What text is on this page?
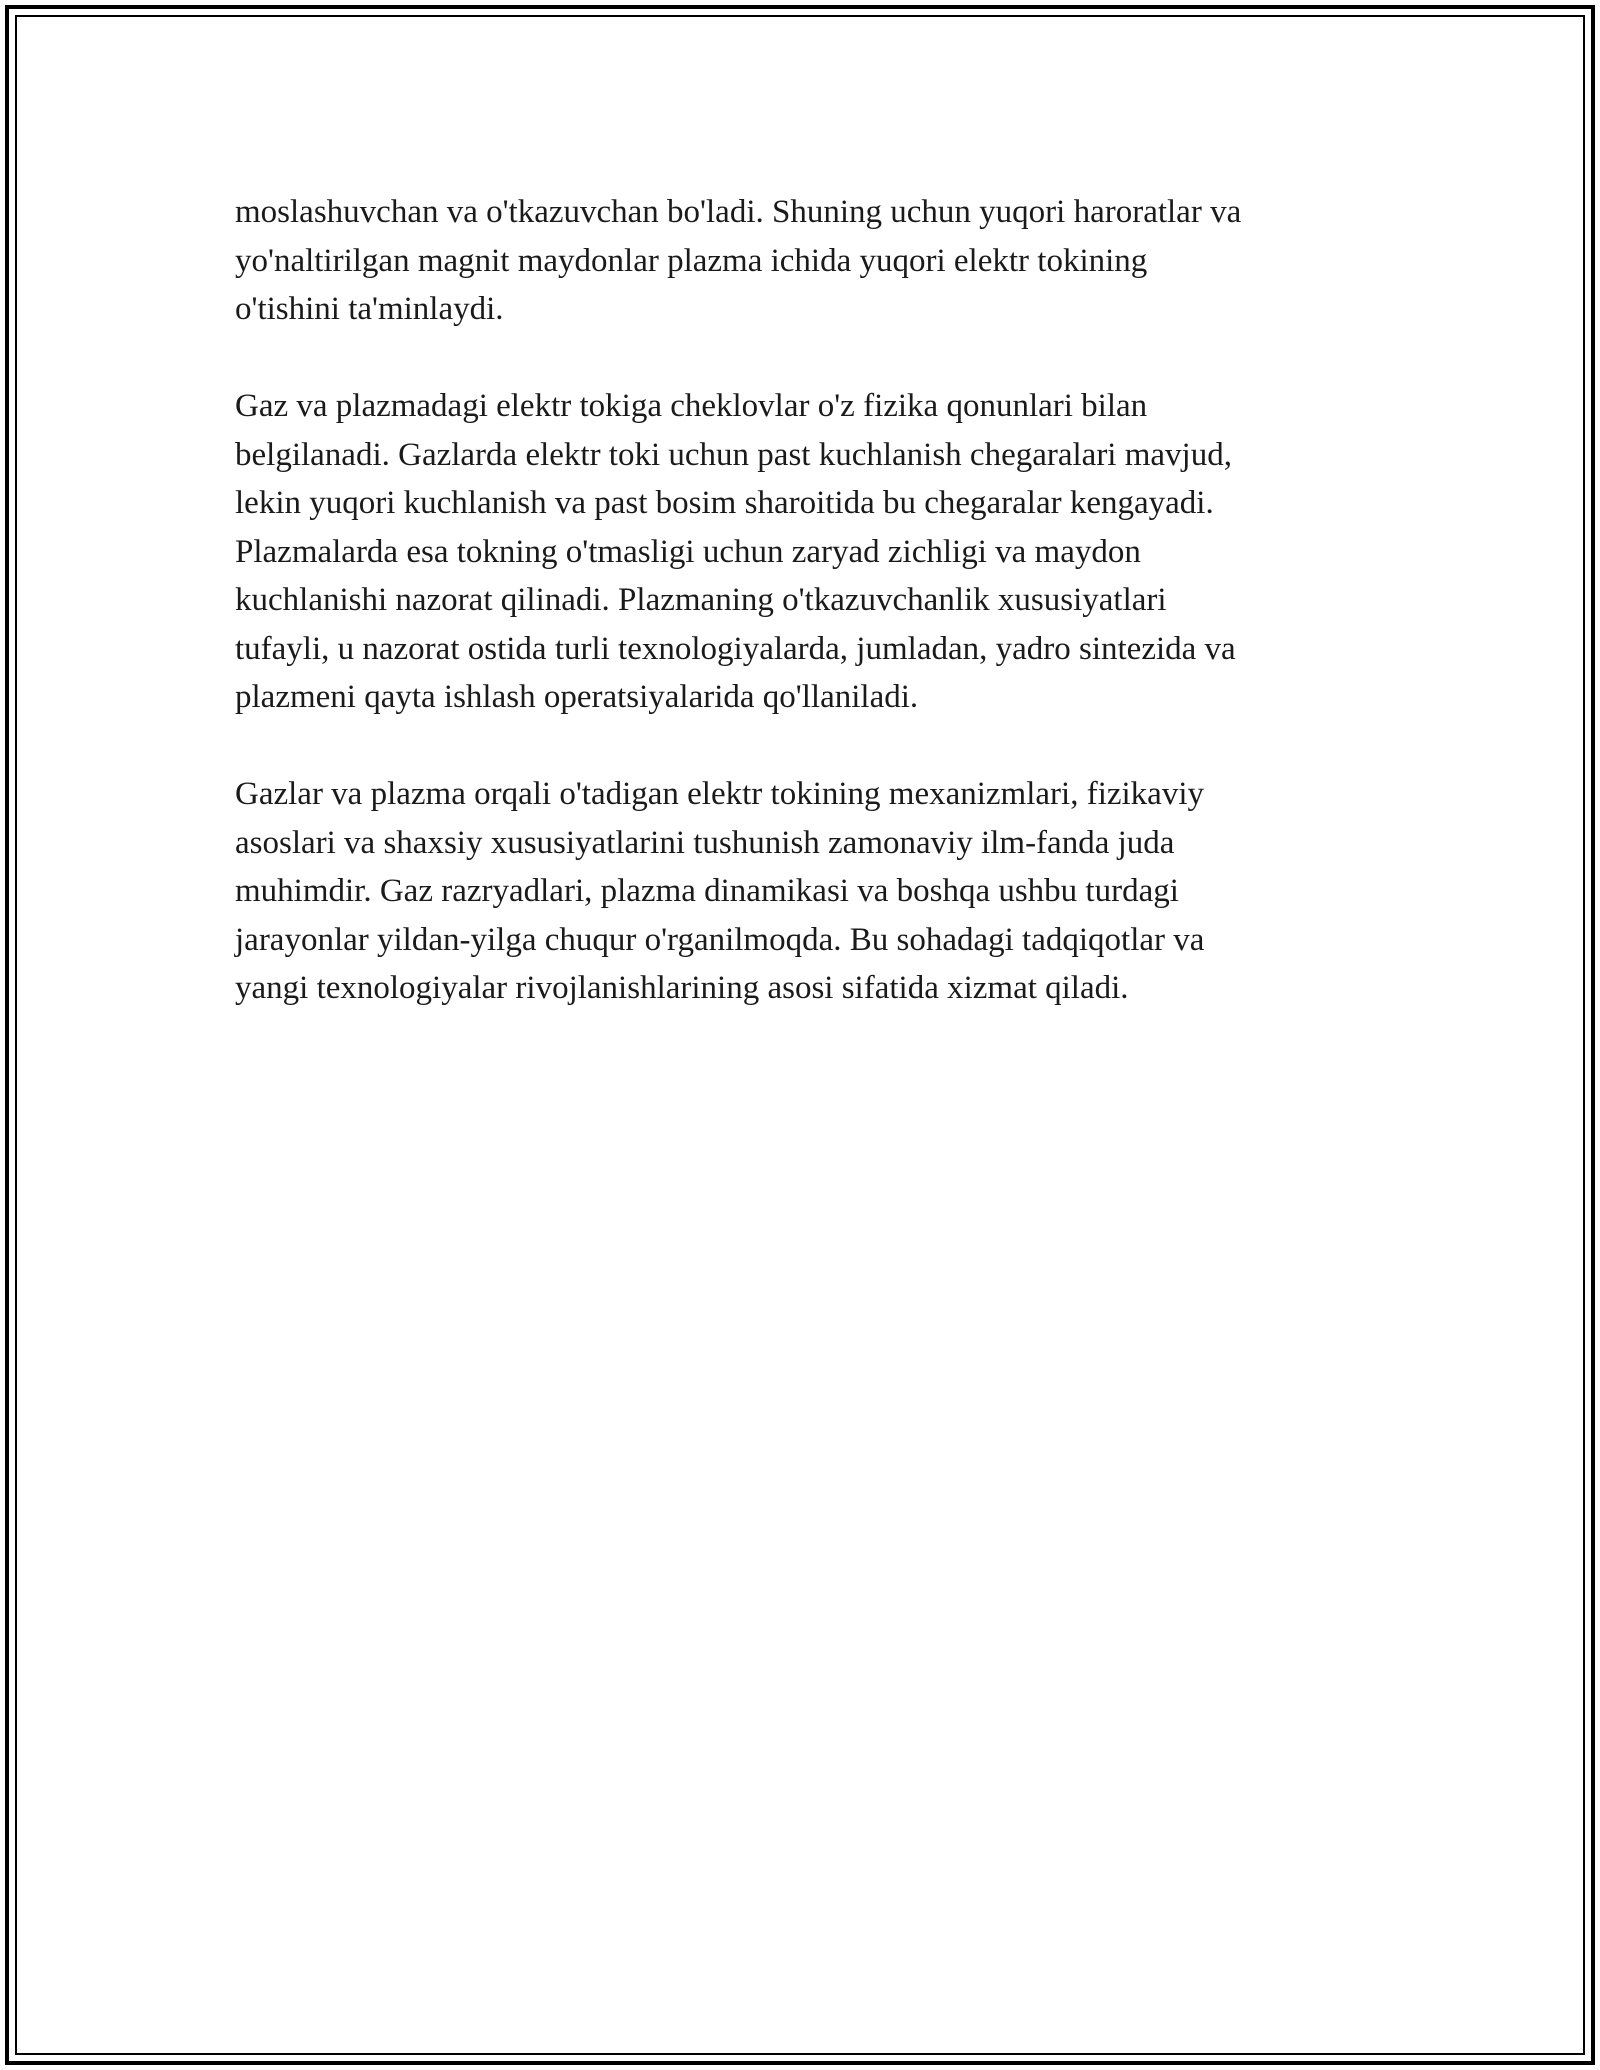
moslashuvchan va o'tkazuvchan bo'ladi. Shuning uchun yuqori haroratlar va
yo'naltirilgan magnit maydonlar plazma ichida yuqori elektr tokining
o'tishini ta'minlaydi.

Gaz va plazmadagi elektr tokiga cheklovlar o'z fizika qonunlari bilan
belgilanadi. Gazlarda elektr toki uchun past kuchlanish chegaralari mavjud,
lekin yuqori kuchlanish va past bosim sharoitida bu chegaralar kengayadi.
Plazmalarda esa tokning o'tmasligi uchun zaryad zichligi va maydon
kuchlanishi nazorat qilinadi. Plazmaning o'tkazuvchanlik xususiyatlari
tufayli, u nazorat ostida turli texnologiyalarda, jumladan, yadro sintezida va
plazmeni qayta ishlash operatsiyalarida qo'llaniladi.

Gazlar va plazma orqali o'tadigan elektr tokining mexanizmlari, fizikaviy
asoslari va shaxsiy xususiyatlarini tushunish zamonaviy ilm-fanda juda
muhimdir. Gaz razryadlari, plazma dinamikasi va boshqa ushbu turdagi
jarayonlar yildan-yilga chuqur o'rganilmoqda. Bu sohadagi tadqiqotlar va
yangi texnologiyalar rivojlanishlarining asosi sifatida xizmat qiladi.
